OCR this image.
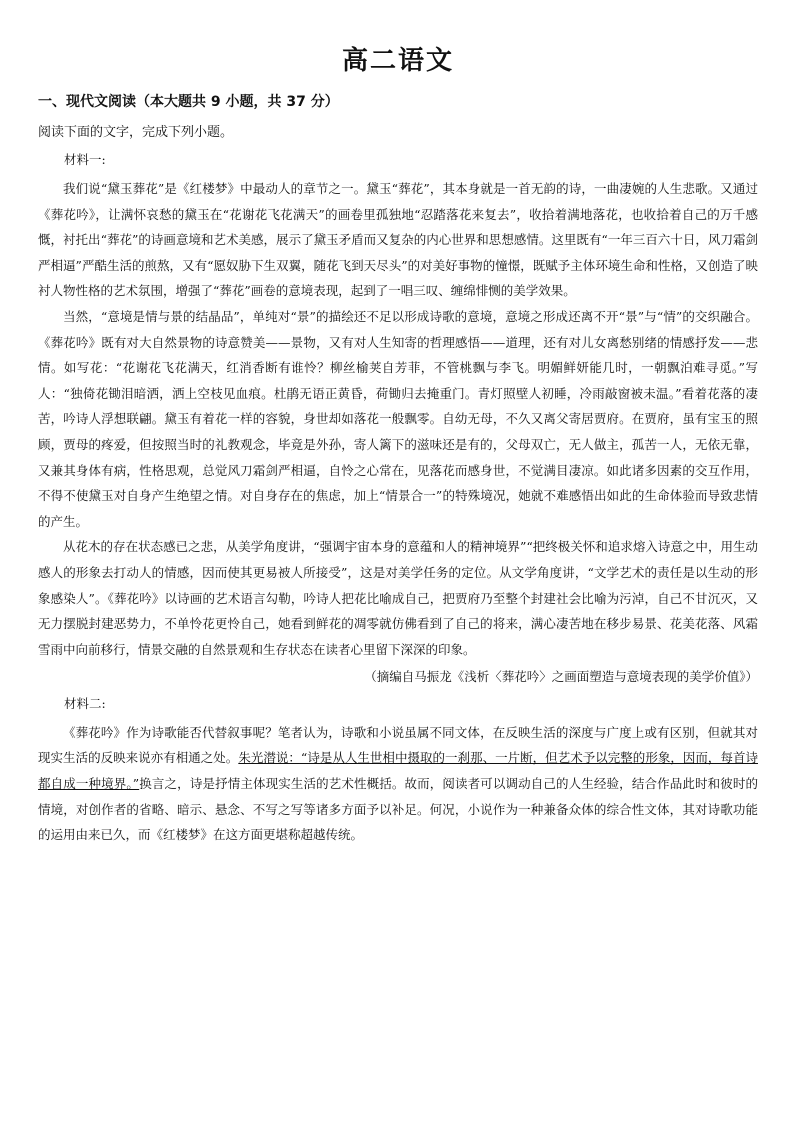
高二语文
一、现代文阅读（本大题共 9 小题，共 37 分）
阅读下面的文字，完成下列小题。
材料一:

我们说“黛玉葬花”是《红楼梦》中最动人的章节之一。黛玉“葬花”，其本身就是一首无韵的诗，一曲凄婉的人生悲歌。又通过《葬花吟》，让满怀哀愁的黛玉在“花谢花飞花满天”的画卷里孤独地“忍踏落花来复去”，收拾着满地落花，也收拾着自己的万千感慨，衬托出“葬花”的诗画意境和艺术美感，展示了黛玉矛盾而又复杂的内心世界和思想感情。这里既有“一年三百六十日，风刀霜剑严相逼”严酷生活的煎熬，又有“愿奴胁下生双翼，随花飞到天尽头”的对美好事物的憧憬，既赋予主体环境生命和性格，又创造了映衬人物性格的艺术氛围，增强了“葬花”画卷的意境表现，起到了一唱三叹、缠绵悱恻的美学效果。

当然，“意境是情与景的结晶品”，单纯对“景”的描绘还不足以形成诗歌的意境，意境之形成还离不开“景”与“情”的交织融合。《葬花吟》既有对大自然景物的诗意赞美——景物，又有对人生知寄的哲理感悟——道理，还有对儿女离愁别绪的情感抒发——悲情。如写花：“花谢花飞花满天，红消香断有谁怜？柳丝榆荚自芳菲，不管桃飘与李飞。明媚鲜妍能几时，一朝飘泊难寻觅。”写人：“独倚花锄泪暗洒，洒上空枝见血痕。杜鹃无语正黄昏，荷锄归去掩重门。青灯照壁人初睡，冷雨敲窗被未温。”看着花落的凄苦，吟诗人浮想联翩。黛玉有着花一样的容貌，身世却如落花一般飘零。自幼无母，不久又离父寄居贾府。在贾府，虽有宝玉的照顾，贾母的疼爱，但按照当时的礼教观念，毕竟是外孙，寄人篱下的滋味还是有的，父母双亡，无人做主，孤苦一人，无依无靠，又兼其身体有病，性格思观，总觉风刀霜剑严相逼，自怜之心常在，见落花而感身世，不觉满目凄凉。如此诸多因素的交互作用，不得不使黛玉对自身产生绝望之情。对自身存在的焦虑，加上“情景合一”的特殊境况，她就不难感悟出如此的生命体验而导致悲情的产生。

从花木的存在状态感已之悲，从美学角度讲，“强调宇宙本身的意蕴和人的精神境界”“把终极关怀和追求熔入诗意之中，用生动感人的形象去打动人的情感，因而使其更易被人所接受”，这是对美学任务的定位。从文学角度讲，“文学艺术的责任是以生动的形象感染人”。《葬花吟》以诗画的艺术语言勾勒，吟诗人把花比喻成自己，把贾府乃至整个封建社会比喻为污淖，自己不甘沉灭，又无力摆脱封建恶势力，不单怜花更怜自己，她看到鲜花的凋零就仿佛看到了自己的将来，满心凄苦地在移步易景、花美花落、风霜雪雨中向前移行，情景交融的自然景观和生存状态在读者心里留下深深的印象。

（摘编自马振龙《浅析〈葬花吟〉之画面塑造与意境表现的美学价值》）
材料二:

《葬花吟》作为诗歌能否代替叙事呢？笔者认为，诗歌和小说虽属不同文体，在反映生活的深度与广度上或有区别，但就其对现实生活的反映来说亦有相通之处。朱光潜说：“诗是从人生世相中摄取的一刹那、一片断，但艺术予以完整的形象，因而，每首诗都自成一种境界。”换言之，诗是抒情主体现实生活的艺术性概括。故而，阅读者可以调动自己的人生经验，结合作品此时和彼时的情境，对创作者的省略、暗示、悬念、不写之写等诸多方面予以补足。何况，小说作为一种兼备众体的综合性文体，其对诗歌功能的运用由来已久，而《红楼梦》在这方面更堪称超越传统。
